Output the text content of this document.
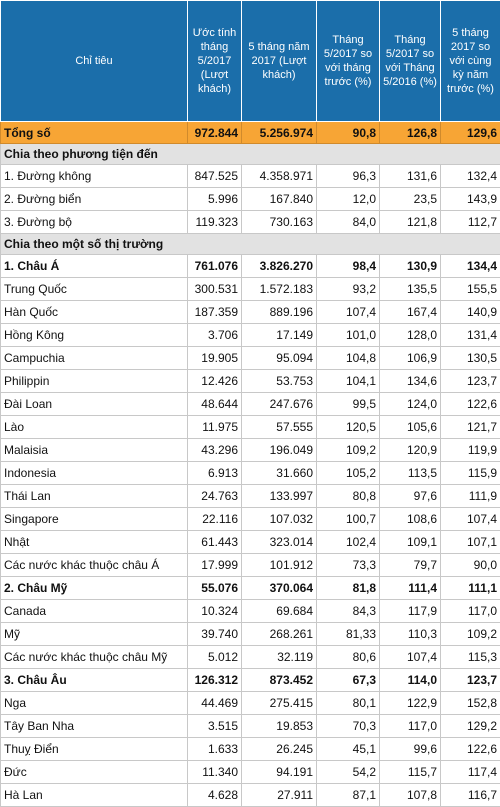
Chỉ tiêu	Ước tính tháng 5/2017 (Lượt khách)	5 tháng năm 2017 (Lượt khách)	Tháng 5/2017 so với tháng trước (%)	Tháng 5/2017 so với Tháng 5/2016 (%)	5 tháng 2017 so với cùng kỳ năm trước (%)
Tổng số	972.844	5.256.974	90,8	126,8	129,6
Chia theo phương tiện đến					
1. Đường không	847.525	4.358.971	96,3	131,6	132,4
2. Đường biển	5.996	167.840	12,0	23,5	143,9
3. Đường bộ	119.323	730.163	84,0	121,8	112,7
Chia theo một số thị trường					
1. Châu Á	761.076	3.826.270	98,4	130,9	134,4
Trung Quốc	300.531	1.572.183	93,2	135,5	155,5
Hàn Quốc	187.359	889.196	107,4	167,4	140,9
Hồng Kông	3.706	17.149	101,0	128,0	131,4
Campuchia	19.905	95.094	104,8	106,9	130,5
Philippin	12.426	53.753	104,1	134,6	123,7
Đài Loan	48.644	247.676	99,5	124,0	122,6
Lào	11.975	57.555	120,5	105,6	121,7
Malaisia	43.296	196.049	109,2	120,9	119,9
Indonesia	6.913	31.660	105,2	113,5	115,9
Thái Lan	24.763	133.997	80,8	97,6	111,9
Singapore	22.116	107.032	100,7	108,6	107,4
Nhật	61.443	323.014	102,4	109,1	107,1
Các nước khác thuộc châu Á	17.999	101.912	73,3	79,7	90,0
2. Châu Mỹ	55.076	370.064	81,8	111,4	111,1
Canada	10.324	69.684	84,3	117,9	117,0
Mỹ	39.740	268.261	81,33	110,3	109,2
Các nước khác thuộc châu Mỹ	5.012	32.119	80,6	107,4	115,3
3. Châu Âu	126.312	873.452	67,3	114,0	123,7
Nga	44.469	275.415	80,1	122,9	152,8
Tây Ban Nha	3.515	19.853	70,3	117,0	129,2
Thuỵ Điển	1.633	26.245	45,1	99,6	122,6
Đức	11.340	94.191	54,2	115,7	117,4
Hà Lan	4.628	27.911	87,1	107,8	116,7
